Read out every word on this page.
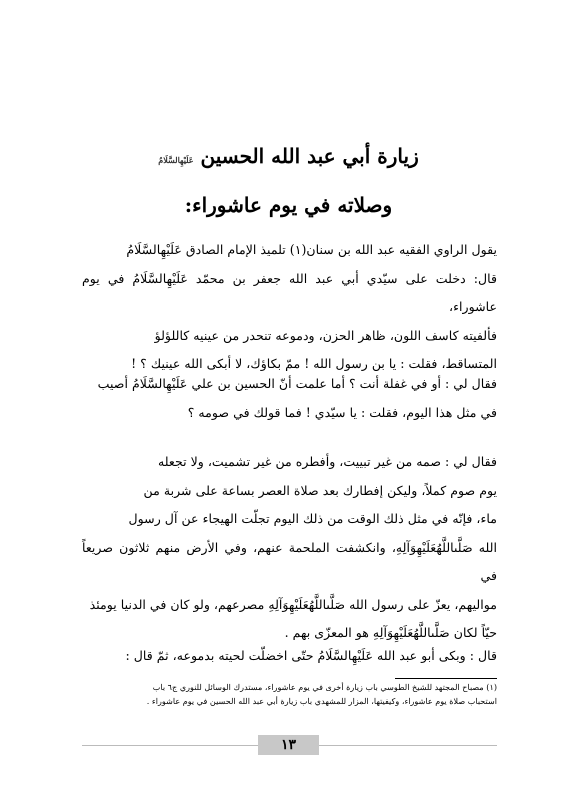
زيارة أبي عبد الله الحسين عَلَيْهِالسَّلَامُ
وصلاته في يوم عاشوراء:

يقول الراوي الفقيه عبد الله بن سنان(١) تلميذ الإمام الصادق عَلَيْهِالسَّلَامُ

قال: دخلت على سيّدي أبي عبد الله جعفر بن محمّد عَلَيْهِالسَّلَامُ في يوم عاشوراء،

فألفيته كاسف اللون، ظاهر الحزن، ودموعه تنحدر من عينيه كاللؤلؤ

المتساقط، فقلت : يا بن رسول الله ! ممّ بكاؤك، لا أبكى الله عينيك ؟ !

فقال لي : أو في غفلة أنت ؟ أما علمت أنّ الحسين بن علي عَلَيْهِالسَّلَامُ أصيب

في مثل هذا اليوم، فقلت : يا سيّدي ! فما قولك في صومه ؟

فقال لي : صمه من غير تبييت، وأفطره من غير تشميت، ولا تجعله

يوم صوم كملاً، وليكن إفطارك بعد صلاة العصر بساعة على شربة من

ماء، فإنّه في مثل ذلك الوقت من ذلك اليوم تجلّت الهيجاء عن آل رسول

الله صَلَّىاللَّهُعَلَيْهِوَآلِهِ، وانكشفت الملحمة عنهم، وفي الأرض منهم ثلاثون صريعاً في

مواليهم، يعزّ على رسول الله صَلَّىاللَّهُعَلَيْهِوَآلِهِ مصرعهم، ولو كان في الدنيا يومئذ

حيّاً لكان صَلَّىاللَّهُعَلَيْهِوَآلِهِ هو المعزّى بهم .

قال : وبكى أبو عبد الله عَلَيْهِالسَّلَامُ حتّى اخضلّت لحيته بدموعه، ثمّ قال :

(١) مصباح المجتهد للشيخ الطوسي باب زيارة أخرى في يوم عاشوراء، مستدرك الوسائل للنوري ج٦ باب

استحباب صلاة يوم عاشوراء، وكيفيتها، المزار للمشهدي باب زيارة أبي عبد الله الحسين في يوم عاشوراء .

١٣
